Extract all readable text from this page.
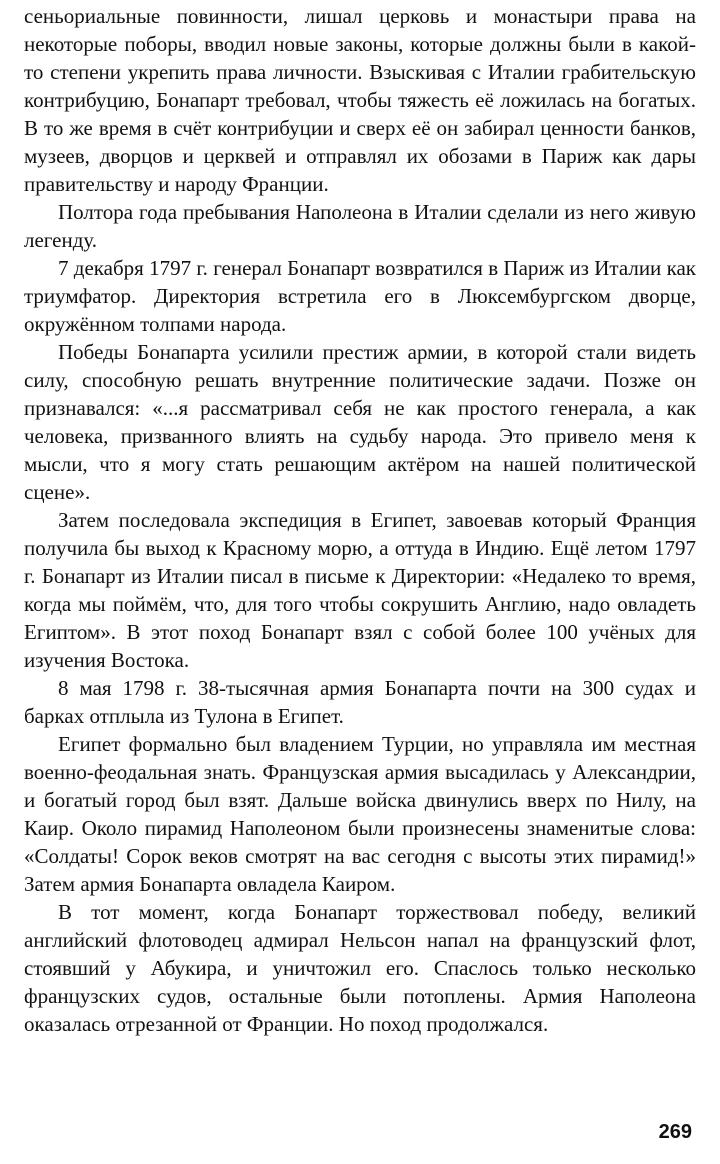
сеньориальные повинности, лишал церковь и монастыри права на некоторые поборы, вводил новые законы, которые должны были в какой-то степени укрепить права личности. Взыскивая с Италии грабительскую контрибуцию, Бонапарт требовал, чтобы тяжесть её ложилась на богатых. В то же время в счёт контрибуции и сверх её он забирал ценности банков, музеев, дворцов и церквей и отправлял их обозами в Париж как дары правительству и народу Франции.

Полтора года пребывания Наполеона в Италии сделали из него живую легенду.

7 декабря 1797 г. генерал Бонапарт возвратился в Париж из Италии как триумфатор. Директория встретила его в Люксембургском дворце, окружённом толпами народа.

Победы Бонапарта усилили престиж армии, в которой стали видеть силу, способную решать внутренние политические задачи. Позже он признавался: «...я рассматривал себя не как простого генерала, а как человека, призванного влиять на судьбу народа. Это привело меня к мысли, что я могу стать решающим актёром на нашей политической сцене».

Затем последовала экспедиция в Египет, завоевав который Франция получила бы выход к Красному морю, а оттуда в Индию. Ещё летом 1797 г. Бонапарт из Италии писал в письме к Директории: «Недалеко то время, когда мы поймём, что, для того чтобы сокрушить Англию, надо овладеть Египтом». В этот поход Бонапарт взял с собой более 100 учёных для изучения Востока.

8 мая 1798 г. 38-тысячная армия Бонапарта почти на 300 судах и барках отплыла из Тулона в Египет.

Египет формально был владением Турции, но управляла им местная военно-феодальная знать. Французская армия высадилась у Александрии, и богатый город был взят. Дальше войска двинулись вверх по Нилу, на Каир. Около пирамид Наполеоном были произнесены знаменитые слова: «Солдаты! Сорок веков смотрят на вас сегодня с высоты этих пирамид!» Затем армия Бонапарта овладела Каиром.

В тот момент, когда Бонапарт торжествовал победу, великий английский флотоводец адмирал Нельсон напал на французский флот, стоявший у Абукира, и уничтожил его. Спаслось только несколько французских судов, остальные были потоплены. Армия Наполеона оказалась отрезанной от Франции. Но поход продолжался.

269
